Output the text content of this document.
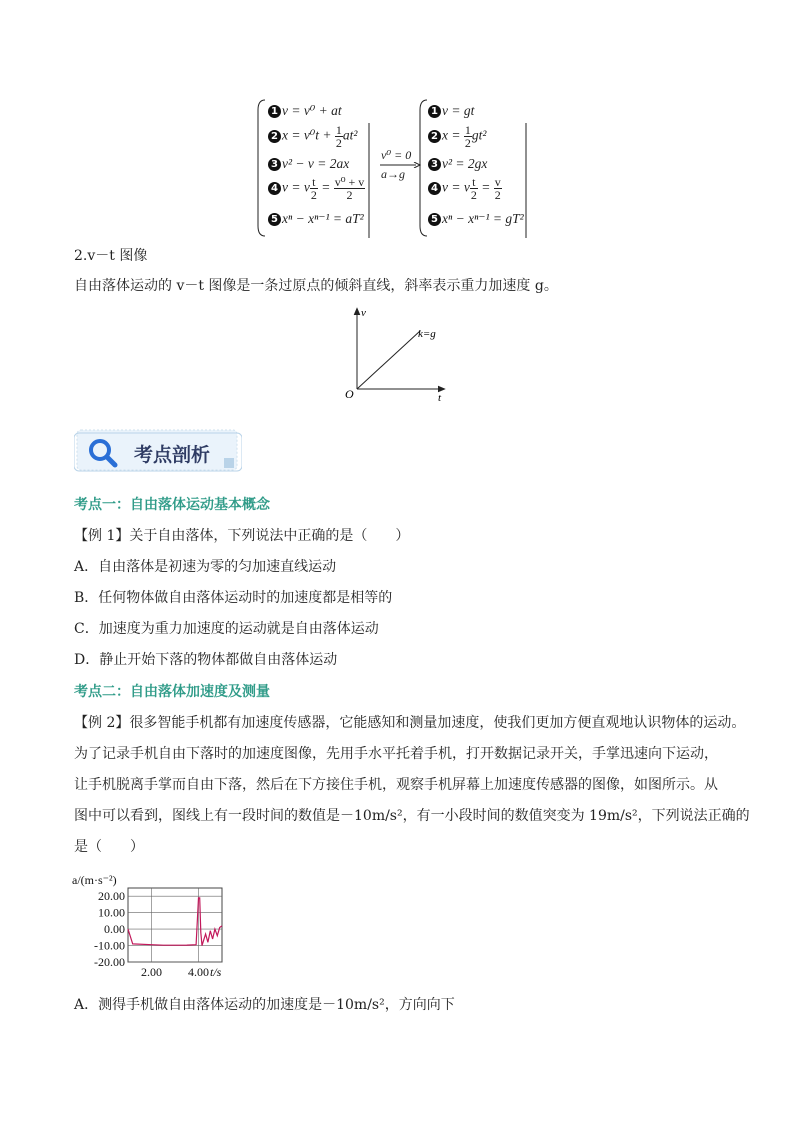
1 v = v⁰ + at
2 $x = v^0t + \frac{1}{2} at^2$
3 v² − v = 2ax
4 v = v $\frac{t}{2} = \frac{\text{v⁰ + v}}{2}$
5 xⁿ − xⁿ⁻¹ = aT²
v⁰ = 0
a→g
1 v = gt
2 $x = \frac{1}{2} gt^2$
3 v² = 2gx
4 v = v $\frac{t}{2} = \frac{v}{2}$
5 xⁿ − xⁿ⁻¹ = gT²
2.v－t 图像
自由落体运动的 v－t 图像是一条过原点的倾斜直线，斜率表示重力加速度 g。
v
t
O
k=g
考点剖析
考点一：自由落体运动基本概念
【例 1】关于自由落体，下列说法中正确的是（　　）
A．自由落体是初速为零的匀加速直线运动
B．任何物体做自由落体运动时的加速度都是相等的
C．加速度为重力加速度的运动就是自由落体运动
D．静止开始下落的物体都做自由落体运动
考点二：自由落体加速度及测量
【例 2】很多智能手机都有加速度传感器，它能感知和测量加速度，使我们更加方便直观地认识物体的运动。
为了记录手机自由下落时的加速度图像，先用手水平托着手机，打开数据记录开关，手掌迅速向下运动，
让手机脱离手掌而自由下落，然后在下方接住手机，观察手机屏幕上加速度传感器的图像，如图所示。从
图中可以看到，图线上有一段时间的数值是－10m/s²，有一小段时间的数值突变为 19m/s²，下列说法正确的
是（　　）
20.00
10.00
0.00
-10.00
-20.00
2.00 4.00
a/(m·s⁻²)
t/s
A．测得手机做自由落体运动的加速度是－10m/s²，方向向下
